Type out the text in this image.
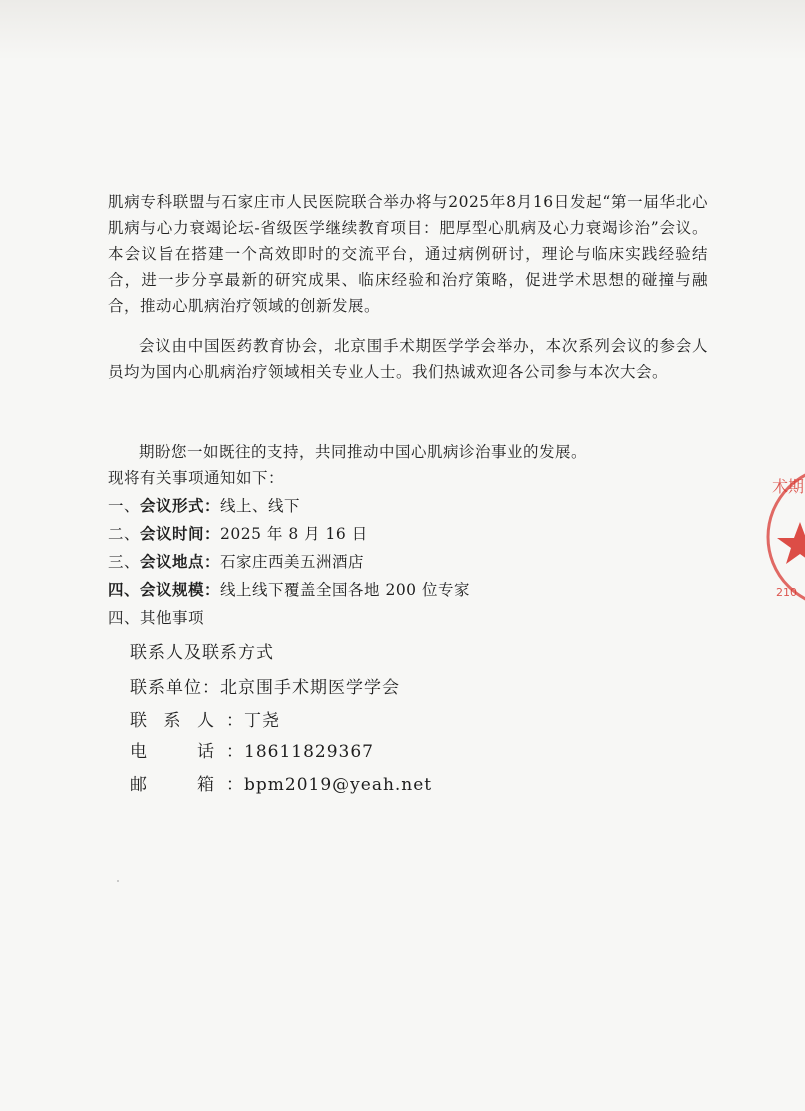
肌病专科联盟与石家庄市人民医院联合举办将与2025年8月16日发起“第一届华北心肌病与心力衰竭论坛-省级医学继续教育项目：肥厚型心肌病及心力衰竭诊治”会议。本会议旨在搭建一个高效即时的交流平台，通过病例研讨，理论与临床实践经验结合，进一步分享最新的研究成果、临床经验和治疗策略，促进学术思想的碰撞与融合，推动心肌病治疗领域的创新发展。
会议由中国医药教育协会，北京围手术期医学学会举办，本次系列会议的参会人员均为国内心肌病治疗领域相关专业人士。我们热诚欢迎各公司参与本次大会。
期盼您一如既往的支持，共同推动中国心肌病诊治事业的发展。
现将有关事项通知如下：
一、会议形式：线上、线下
二、会议时间：2025 年 8 月 16 日
三、会议地点：石家庄西美五洲酒店
四、会议规模：线上线下覆盖全国各地 200 位专家
四、其他事项
联系人及联系方式
联系单位：北京围手术期医学学会
联 系 人 ：丁尧
电	话 ：18611829367
邮	箱 ：bpm2019@yeah.net
术期
210
